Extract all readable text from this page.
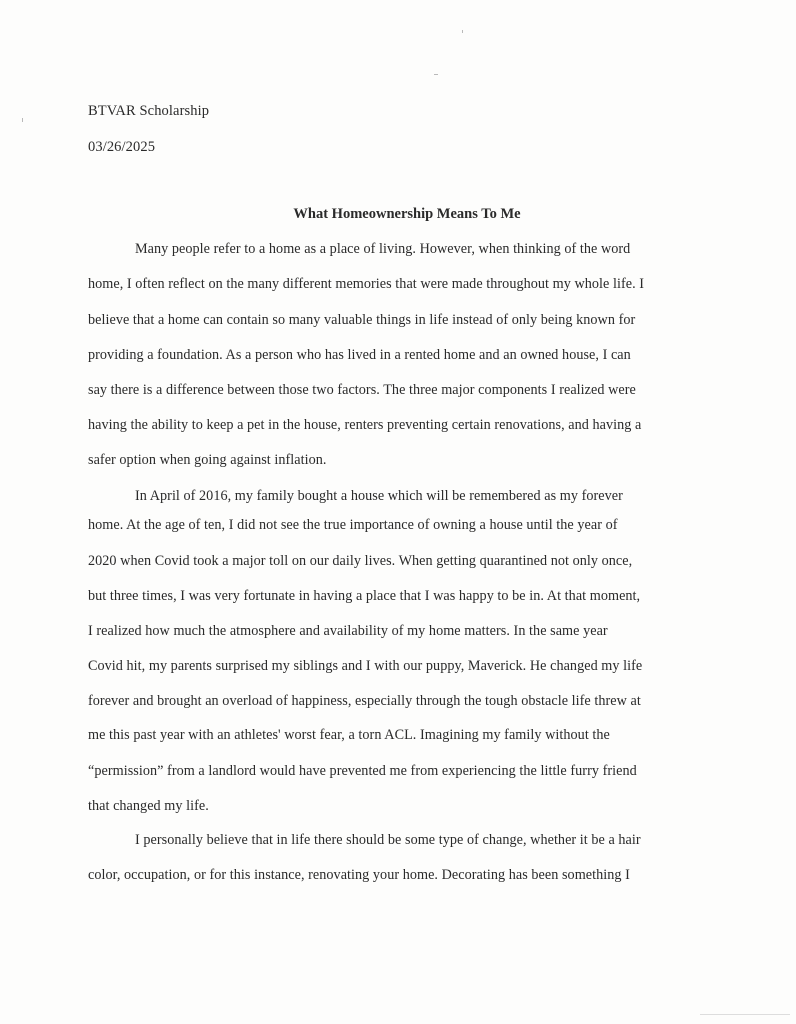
BTVAR Scholarship
03/26/2025
What Homeownership Means To Me
Many people refer to a home as a place of living. However, when thinking of the word
home, I often reflect on the many different memories that were made throughout my whole life. I
believe that a home can contain so many valuable things in life instead of only being known for
providing a foundation. As a person who has lived in a rented home and an owned house, I can
say there is a difference between those two factors. The three major components I realized were
having the ability to keep a pet in the house, renters preventing certain renovations, and having a
safer option when going against inflation.
In April of 2016, my family bought a house which will be remembered as my forever
home. At the age of ten, I did not see the true importance of owning a house until the year of
2020 when Covid took a major toll on our daily lives. When getting quarantined not only once,
but three times, I was very fortunate in having a place that I was happy to be in. At that moment,
I realized how much the atmosphere and availability of my home matters. In the same year
Covid hit, my parents surprised my siblings and I with our puppy, Maverick. He changed my life
forever and brought an overload of happiness, especially through the tough obstacle life threw at
me this past year with an athletes' worst fear, a torn ACL. Imagining my family without the
“permission” from a landlord would have prevented me from experiencing the little furry friend
that changed my life.
I personally believe that in life there should be some type of change, whether it be a hair
color, occupation, or for this instance, renovating your home. Decorating has been something I
